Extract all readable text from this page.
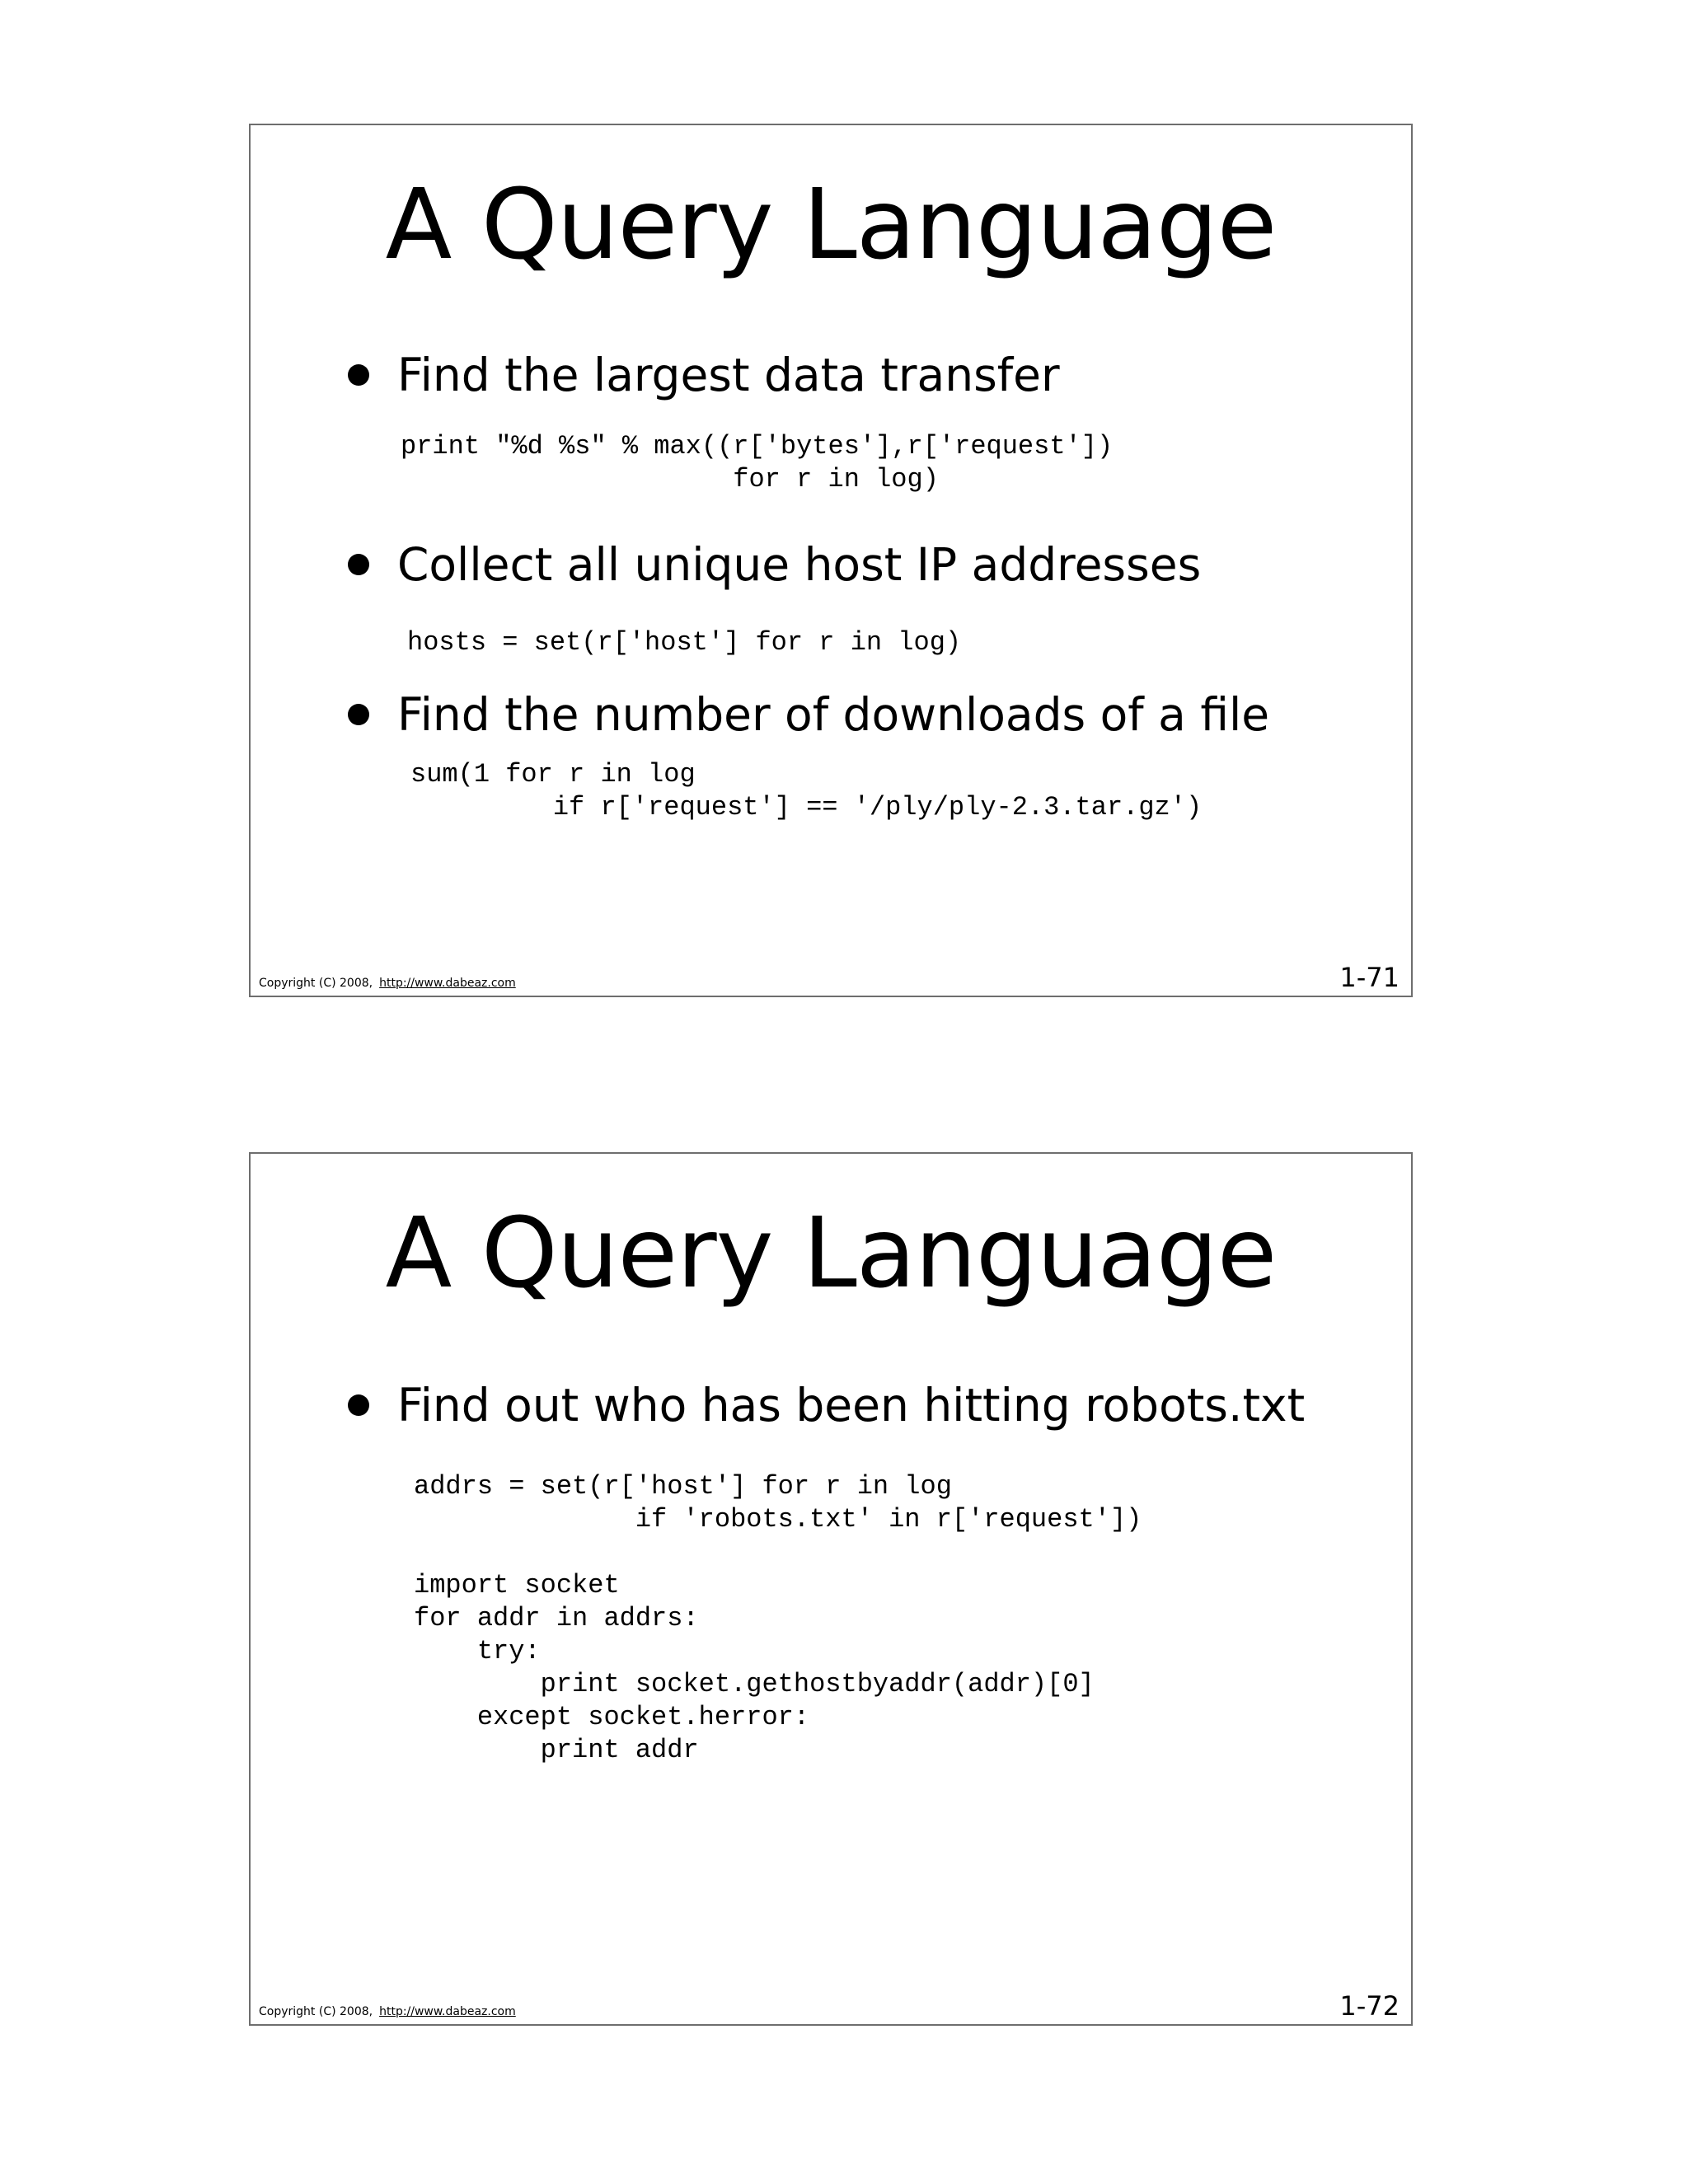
A Query Language
Find the largest data transfer
print "%d %s" % max((r['bytes'],r['request'])
for r in log)
Collect all unique host IP addresses
hosts = set(r['host'] for r in log)
Find the number of downloads of a file
sum(1 for r in log
if r['request'] == '/ply/ply-2.3.tar.gz')
Copyright (C) 2008, http://www.dabeaz.com	1-71
A Query Language
Find out who has been hitting robots.txt
addrs = set(r['host'] for r in log
if 'robots.txt' in r['request'])
import socket
for addr in addrs:
try:
print socket.gethostbyaddr(addr)[0]
except socket.herror:
print addr
Copyright (C) 2008, http://www.dabeaz.com	1-72
